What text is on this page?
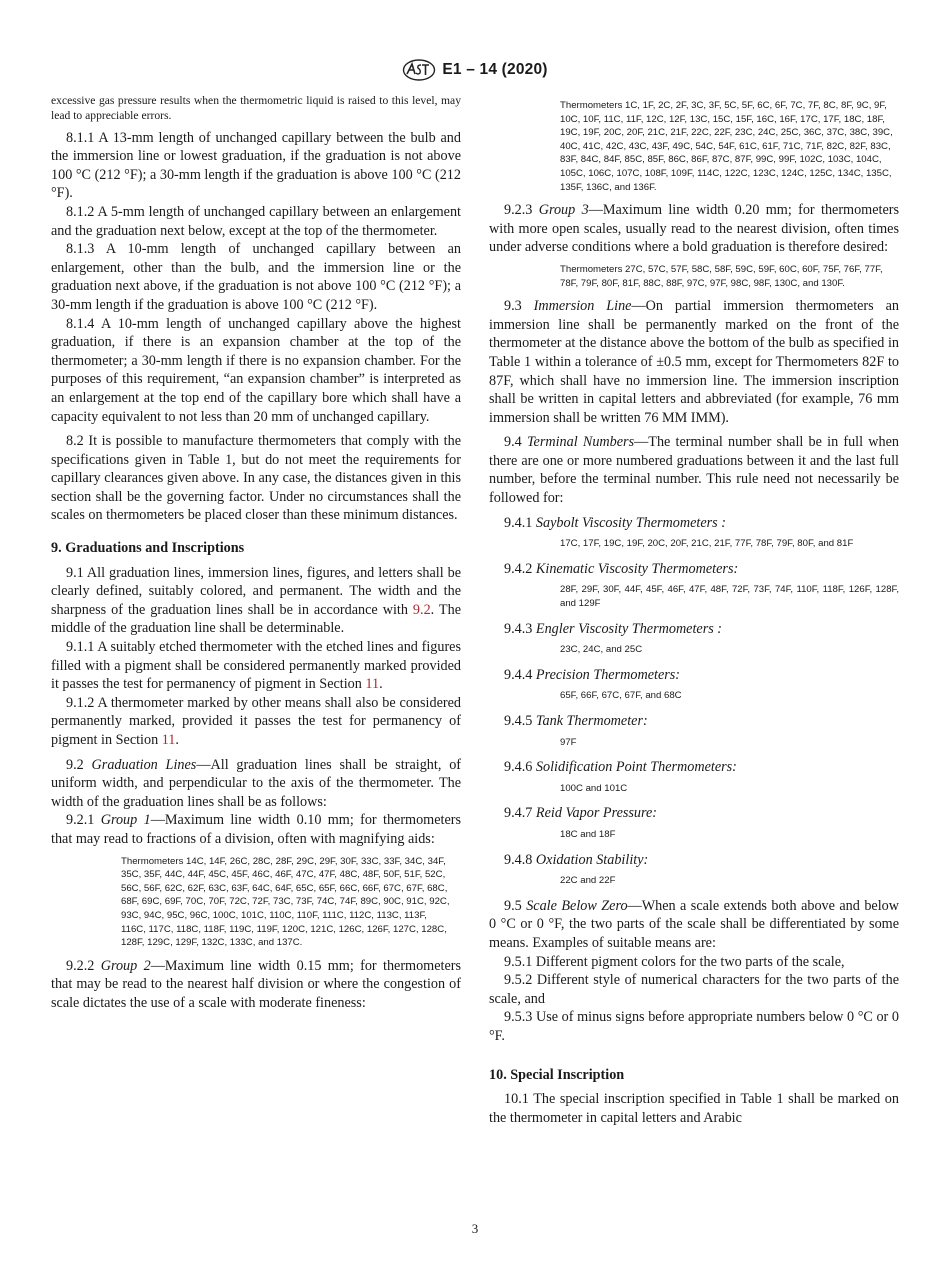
E1 – 14 (2020)

excessive gas pressure results when the thermometric liquid is raised to this level, may lead to appreciable errors.

8.1.1 A 13-mm length of unchanged capillary between the bulb and the immersion line or lowest graduation, if the graduation is not above 100 °C (212 °F); a 30-mm length if the graduation is above 100 °C (212 °F).

8.1.2 A 5-mm length of unchanged capillary between an enlargement and the graduation next below, except at the top of the thermometer.

8.1.3 A 10-mm length of unchanged capillary between an enlargement, other than the bulb, and the immersion line or the graduation next above, if the graduation is not above 100 °C (212 °F); a 30-mm length if the graduation is above 100 °C (212 °F).

8.1.4 A 10-mm length of unchanged capillary above the highest graduation, if there is an expansion chamber at the top of the thermometer; a 30-mm length if there is no expansion chamber. For the purposes of this requirement, “an expansion chamber” is interpreted as an enlargement at the top end of the capillary bore which shall have a capacity equivalent to not less than 20 mm of unchanged capillary.

8.2 It is possible to manufacture thermometers that comply with the specifications given in Table 1, but do not meet the requirements for capillary clearances given above. In any case, the distances given in this section shall be the governing factor. Under no circumstances shall the scales on thermometers be placed closer than these minimum distances.

9. Graduations and Inscriptions

9.1 All graduation lines, immersion lines, figures, and letters shall be clearly defined, suitably colored, and permanent. The width and the sharpness of the graduation lines shall be in accordance with 9.2. The middle of the graduation line shall be determinable.

9.1.1 A suitably etched thermometer with the etched lines and figures filled with a pigment shall be considered permanently marked provided it passes the test for permanency of pigment in Section 11.

9.1.2 A thermometer marked by other means shall also be considered permanently marked, provided it passes the test for permanency of pigment in Section 11.

9.2 Graduation Lines—All graduation lines shall be straight, of uniform width, and perpendicular to the axis of the thermometer. The width of the graduation lines shall be as follows:

9.2.1 Group 1—Maximum line width 0.10 mm; for thermometers that may read to fractions of a division, often with magnifying aids:

Thermometers 14C, 14F, 26C, 28C, 28F, 29C, 29F, 30F, 33C, 33F, 34C, 34F, 35C, 35F, 44C, 44F, 45C, 45F, 46C, 46F, 47C, 47F, 48C, 48F, 50F, 51F, 52C, 56C, 56F, 62C, 62F, 63C, 63F, 64C, 64F, 65C, 65F, 66C, 66F, 67C, 67F, 68C, 68F, 69C, 69F, 70C, 70F, 72C, 72F, 73C, 73F, 74C, 74F, 89C, 90C, 91C, 92C, 93C, 94C, 95C, 96C, 100C, 101C, 110C, 110F, 111C, 112C, 113C, 113F, 116C, 117C, 118C, 118F, 119C, 119F, 120C, 121C, 126C, 126F, 127C, 128C, 128F, 129C, 129F, 132C, 133C, and 137C.

9.2.2 Group 2—Maximum line width 0.15 mm; for thermometers that may be read to the nearest half division or where the congestion of scale dictates the use of a scale with moderate fineness:

Thermometers 1C, 1F, 2C, 2F, 3C, 3F, 5C, 5F, 6C, 6F, 7C, 7F, 8C, 8F, 9C, 9F, 10C, 10F, 11C, 11F, 12C, 12F, 13C, 15C, 15F, 16C, 16F, 17C, 17F, 18C, 18F, 19C, 19F, 20C, 20F, 21C, 21F, 22C, 22F, 23C, 24C, 25C, 36C, 37C, 38C, 39C, 40C, 41C, 42C, 43C, 43F, 49C, 54C, 54F, 61C, 61F, 71C, 71F, 82C, 82F, 83C, 83F, 84C, 84F, 85C, 85F, 86C, 86F, 87C, 87F, 99C, 99F, 102C, 103C, 104C, 105C, 106C, 107C, 108F, 109F, 114C, 122C, 123C, 124C, 125C, 134C, 135C, 135F, 136C, and 136F.

9.2.3 Group 3—Maximum line width 0.20 mm; for thermometers with more open scales, usually read to the nearest division, often times under adverse conditions where a bold graduation is therefore desired:

Thermometers 27C, 57C, 57F, 58C, 58F, 59C, 59F, 60C, 60F, 75F, 76F, 77F, 78F, 79F, 80F, 81F, 88C, 88F, 97C, 97F, 98C, 98F, 130C, and 130F.

9.3 Immersion Line—On partial immersion thermometers an immersion line shall be permanently marked on the front of the thermometer at the distance above the bottom of the bulb as specified in Table 1 within a tolerance of ±0.5 mm, except for Thermometers 82F to 87F, which shall have no immersion line. The immersion inscription shall be written in capital letters and abbreviated (for example, 76 mm immersion shall be written 76 MM IMM).

9.4 Terminal Numbers—The terminal number shall be in full when there are one or more numbered graduations between it and the last full number, before the terminal number. This rule need not necessarily be followed for:

9.4.1 Saybolt Viscosity Thermometers :

17C, 17F, 19C, 19F, 20C, 20F, 21C, 21F, 77F, 78F, 79F, 80F, and 81F

9.4.2 Kinematic Viscosity Thermometers:

28F, 29F, 30F, 44F, 45F, 46F, 47F, 48F, 72F, 73F, 74F, 110F, 118F, 126F, 128F, and 129F

9.4.3 Engler Viscosity Thermometers :

23C, 24C, and 25C

9.4.4 Precision Thermometers:

65F, 66F, 67C, 67F, and 68C

9.4.5 Tank Thermometer:

97F

9.4.6 Solidification Point Thermometers:

100C and 101C

9.4.7 Reid Vapor Pressure:

18C and 18F

9.4.8 Oxidation Stability:

22C and 22F

9.5 Scale Below Zero—When a scale extends both above and below 0 °C or 0 °F, the two parts of the scale shall be differentiated by some means. Examples of suitable means are:

9.5.1 Different pigment colors for the two parts of the scale,

9.5.2 Different style of numerical characters for the two parts of the scale, and

9.5.3 Use of minus signs before appropriate numbers below 0 °C or 0 °F.

10. Special Inscription

10.1 The special inscription specified in Table 1 shall be marked on the thermometer in capital letters and Arabic

3
